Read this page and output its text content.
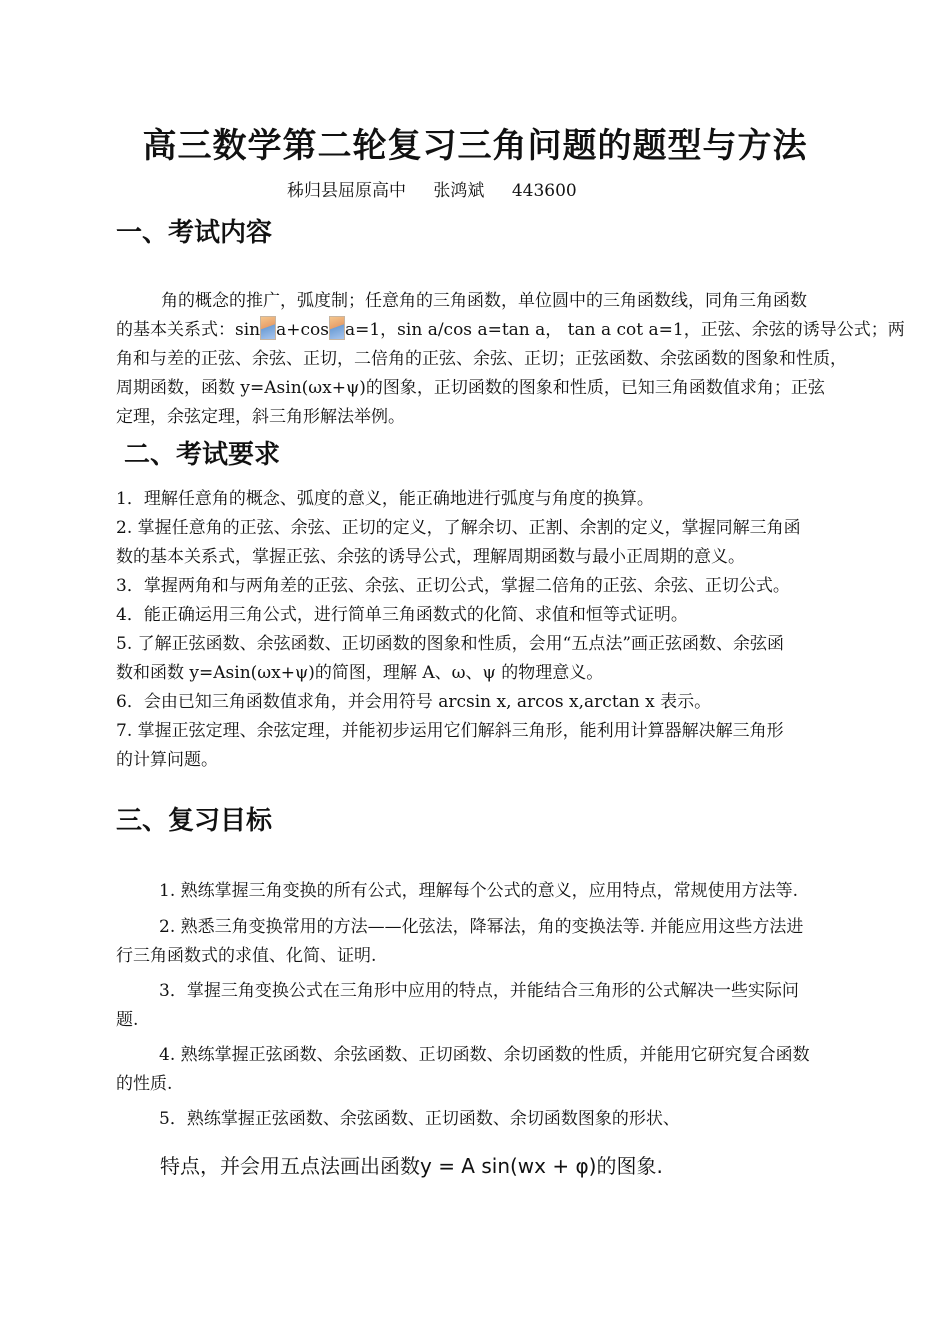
高三数学第二轮复习三角问题的题型与方法
秭归县屈原高中 张鸿斌 443600
一、考试内容
角的概念的推广，弧度制；任意角的三角函数，单位圆中的三角函数线，同角三角函数
的基本关系式：sin a+cos a=1，sin a/cos a=tan a， tan a cot a=1，正弦、余弦的诱导公式；两
角和与差的正弦、余弦、正切，二倍角的正弦、余弦、正切；正弦函数、余弦函数的图象和性质，
周期函数，函数 y=Asin(ωx+ψ)的图象，正切函数的图象和性质，已知三角函数值求角；正弦
定理，余弦定理，斜三角形解法举例。
二、考试要求
1．理解任意角的概念、弧度的意义，能正确地进行弧度与角度的换算。
2. 掌握任意角的正弦、余弦、正切的定义，了解余切、正割、余割的定义，掌握同解三角函
数的基本关系式，掌握正弦、余弦的诱导公式，理解周期函数与最小正周期的意义。
3．掌握两角和与两角差的正弦、余弦、正切公式，掌握二倍角的正弦、余弦、正切公式。
4．能正确运用三角公式，进行简单三角函数式的化简、求值和恒等式证明。
5. 了解正弦函数、余弦函数、正切函数的图象和性质，会用“五点法”画正弦函数、余弦函
数和函数 y=Asin(ωx+ψ)的简图，理解 A、ω、ψ 的物理意义。
6．会由已知三角函数值求角，并会用符号 arcsin x, arcos x,arctan x 表示。
7. 掌握正弦定理、余弦定理，并能初步运用它们解斜三角形，能利用计算器解决解三角形
的计算问题。
三、复习目标
1. 熟练掌握三角变换的所有公式，理解每个公式的意义，应用特点，常规使用方法等.
2. 熟悉三角变换常用的方法——化弦法，降幂法，角的变换法等. 并能应用这些方法进
行三角函数式的求值、化简、证明.
3．掌握三角变换公式在三角形中应用的特点，并能结合三角形的公式解决一些实际问
题.
4. 熟练掌握正弦函数、余弦函数、正切函数、余切函数的性质，并能用它研究复合函数
的性质.
5．熟练掌握正弦函数、余弦函数、正切函数、余切函数图象的形状、
特点，并会用五点法画出函数y = A sin(wx + φ)的图象.
